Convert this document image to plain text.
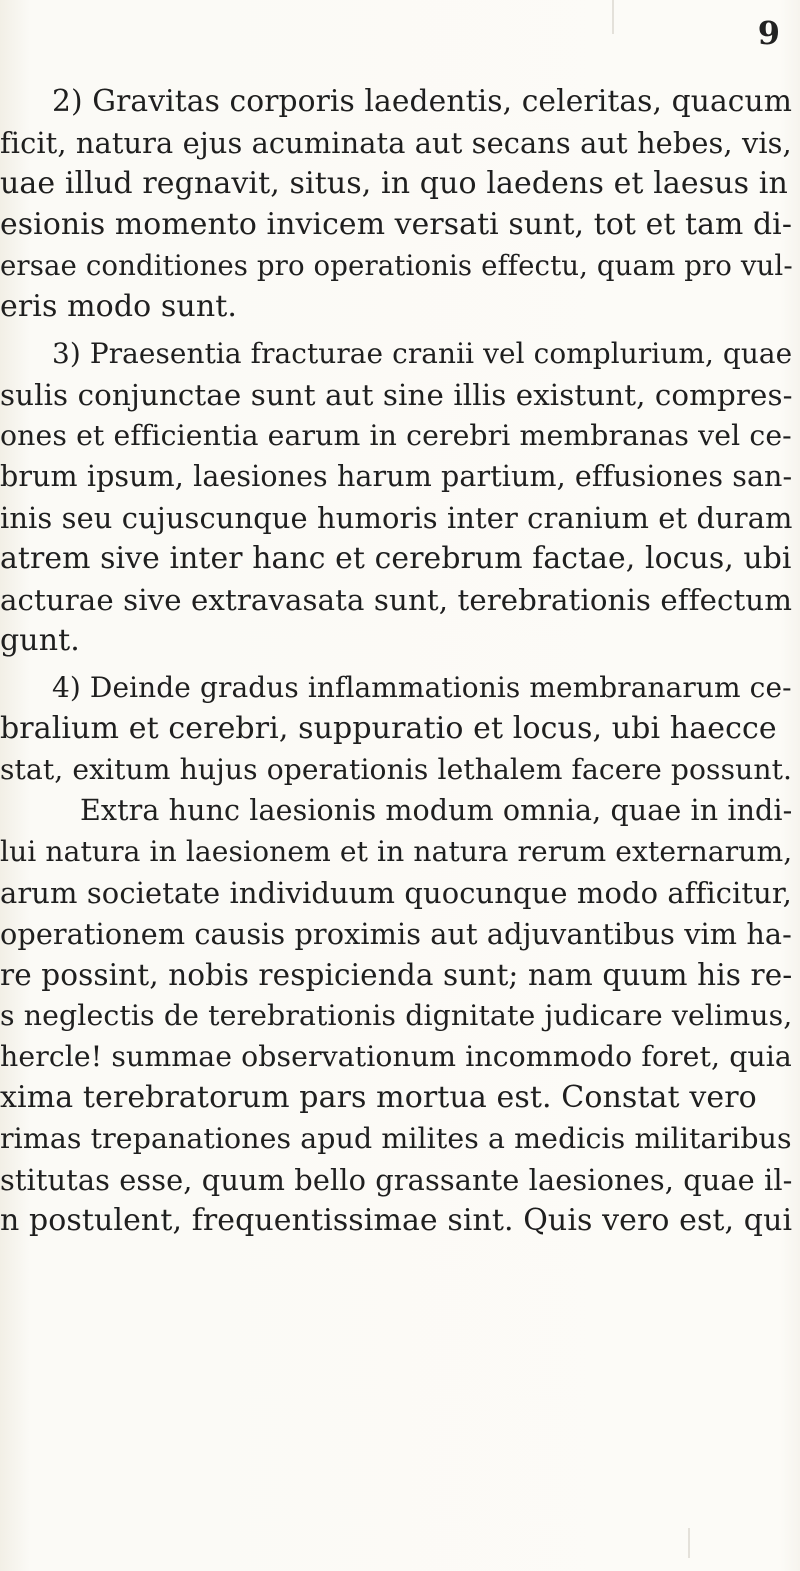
9
2) Gravitas corporis laedentis, celeritas, quacum
ficit, natura ejus acuminata aut secans aut hebes, vis,
uae illud regnavit, situs, in quo laedens et laesus in
esionis momento invicem versati sunt, tot et tam di-
ersae conditiones pro operationis effectu, quam pro vul-
eris modo sunt.
3) Praesentia fracturae cranii vel complurium, quae
sulis conjunctae sunt aut sine illis existunt, compres-
ones et efficientia earum in cerebri membranas vel ce-
brum ipsum, laesiones harum partium, effusiones san-
inis seu cujuscunque humoris inter cranium et duram
atrem sive inter hanc et cerebrum factae, locus, ubi
acturae sive extravasata sunt, terebrationis effectum
gunt.
4) Deinde gradus inflammationis membranarum ce-
bralium et cerebri, suppuratio et locus, ubi haecce
stat, exitum hujus operationis lethalem facere possunt.
Extra hunc laesionis modum omnia, quae in indi-
lui natura in laesionem et in natura rerum externarum,
arum societate individuum quocunque modo afficitur,
operationem causis proximis aut adjuvantibus vim ha-
re possint, nobis respicienda sunt; nam quum his re-
s neglectis de terebrationis dignitate judicare velimus,
hercle! summae observationum incommodo foret, quia
xima terebratorum pars mortua est. Constat vero
rimas trepanationes apud milites a medicis militaribus
stitutas esse, quum bello grassante laesiones, quae il-
n postulent, frequentissimae sint. Quis vero est, qui
